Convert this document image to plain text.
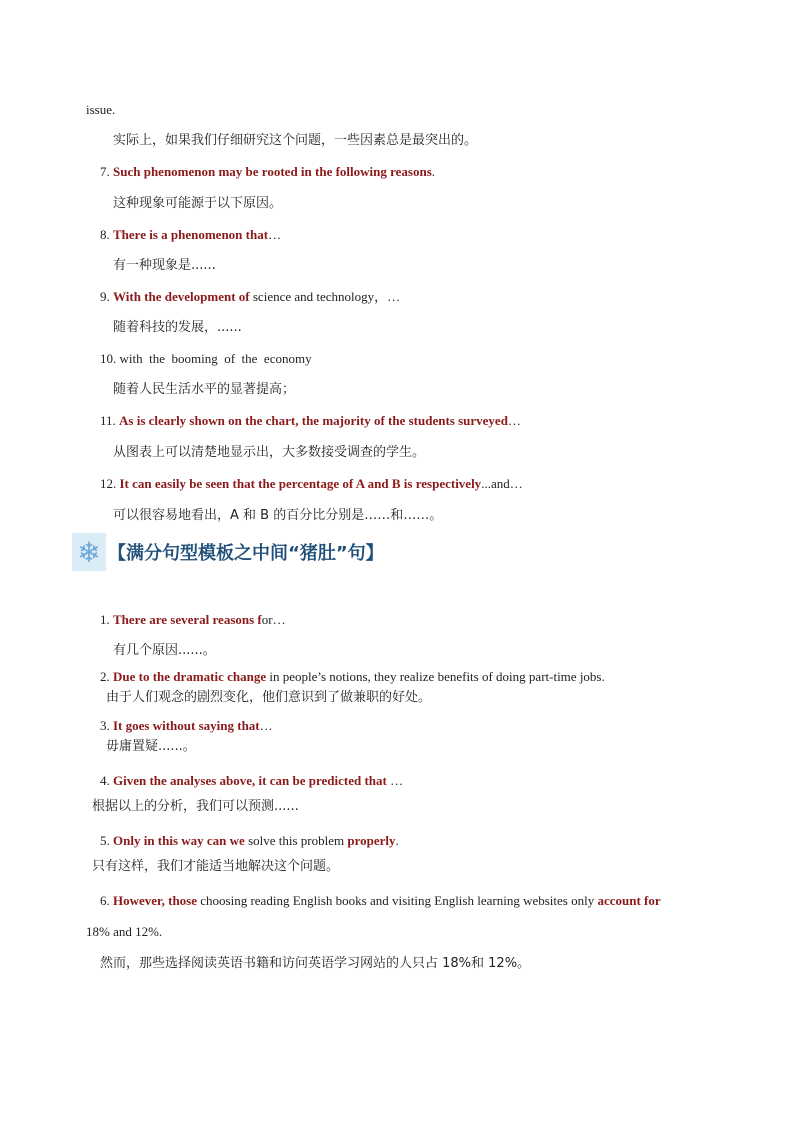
issue.
实际上，如果我们仔细研究这个问题，一些因素总是最突出的。
7. Such phenomenon may be rooted in the following reasons.
这种现象可能源于以下原因。
8. There is a phenomenon that…
有一种现象是......
9. With the development of science and technology，…
随着科技的发展，......
10. with  the  booming  of  the  economy
随着人民生活水平的显著提高；
11. As is clearly shown on the chart, the majority of the students surveyed…
从图表上可以清楚地显示出，大多数接受调查的学生。
12. It can easily be seen that the percentage of A and B is respectively...and…
可以很容易地看出，A 和 B 的百分比分别是……和……。
❄ 【满分句型模板之中间“猪肚”句】
1. There are several reasons for…
有几个原因......。
2. Due to the dramatic change in people’s notions, they realize benefits of doing part-time jobs.
由于人们观念的剧烈变化，他们意识到了做兼职的好处。
3. It goes without saying that…
毋庸置疑......。
4. Given the analyses above, it can be predicted that …
根据以上的分析，我们可以预测......
5. Only in this way can we solve this problem properly.
只有这样，我们才能适当地解决这个问题。
6. However, those choosing reading English books and visiting English learning websites only account for
18% and 12%.
然而，那些选择阅读英语书籍和访问英语学习网站的人只占 18%和 12%。
